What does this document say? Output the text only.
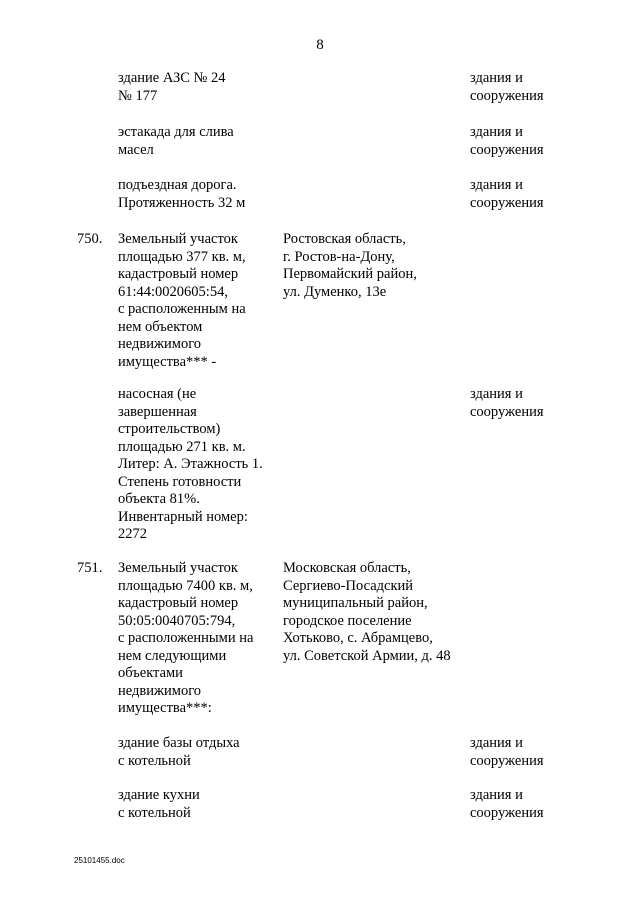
8
здание АЗС № 24
№ 177
здания и
сооружения
эстакада для слива
масел
здания и
сооружения
подъездная дорога.
Протяженность 32 м
здания и
сооружения
750. Земельный участок
площадью 377 кв. м,
кадастровый номер
61:44:0020605:54,
с расположенным на
нем объектом
недвижимого
имущества*** -
Ростовская область,
г. Ростов-на-Дону,
Первомайский район,
ул. Думенко, 13е
насосная (не
завершенная
строительством)
площадью 271 кв. м.
Литер: А. Этажность 1.
Степень готовности
объекта 81%.
Инвентарный номер:
2272
здания и
сооружения
751. Земельный участок
площадью 7400 кв. м,
кадастровый номер
50:05:0040705:794,
с расположенными на
нем следующими
объектами
недвижимого
имущества***:
Московская область,
Сергиево-Посадский
муниципальный район,
городское поселение
Хотьково, с. Абрамцево,
ул. Советской Армии, д. 48
здание базы отдыха
с котельной
здания и
сооружения
здание кухни
с котельной
здания и
сооружения
25101455.doc
